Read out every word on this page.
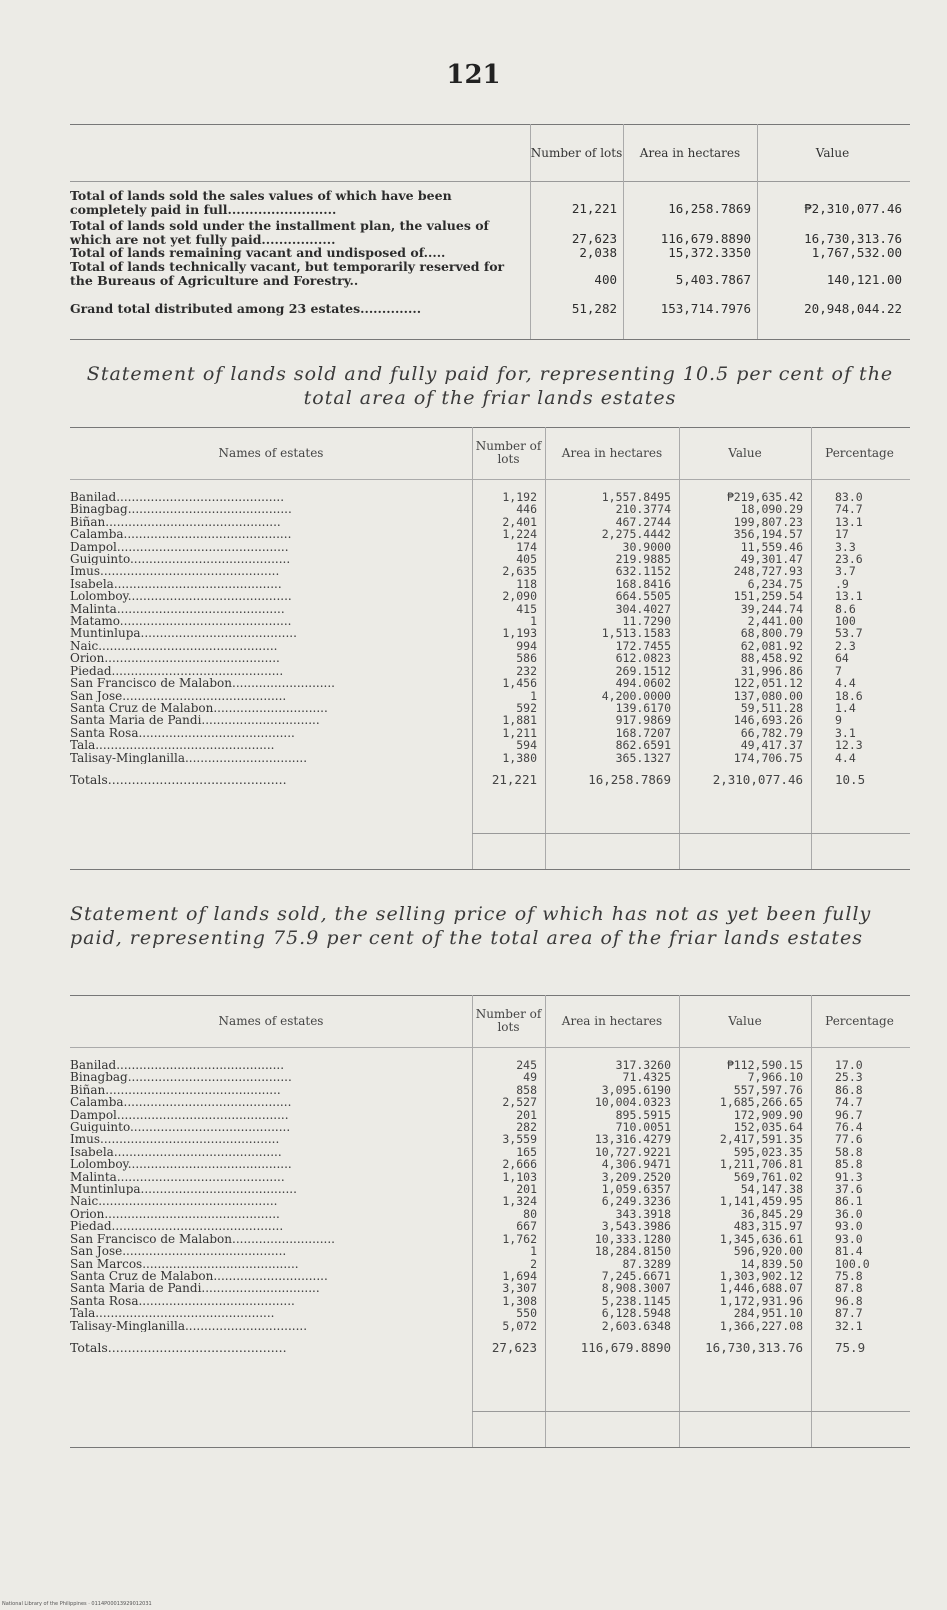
121
	Number of lots	Area in hectares	Value
Total of lands sold the sales values of which have been completely paid in full.........................	21,221	16,258.7869	₱2,310,077.46
Total of lands sold under the installment plan, the values of which are not yet fully paid.................	27,623	116,679.8890	16,730,313.76
Total of lands remaining vacant and undisposed of.....	2,038	15,372.3350	1,767,532.00
Total of lands technically vacant, but temporarily reserved for the Bureaus of Agriculture and Forestry..	400	5,403.7867	140,121.00
Grand total distributed among 23 estates..............	51,282	153,714.7976	20,948,044.22
Statement of lands sold and fully paid for, representing 10.5 per cent of the total area of the friar lands estates
Names of estates	Number of lots	Area in hectares	Value	Percentage
Banilad............................................	1,192	1,557.8495	₱219,635.42	83.0
Binagbag...........................................	446	210.3774	18,090.29	74.7
Biñan..............................................	2,401	467.2744	199,807.23	13.1
Calamba............................................	1,224	2,275.4442	356,194.57	17
Dampol.............................................	174	30.9000	11,559.46	3.3
Guiguinto..........................................	405	219.9885	49,301.47	23.6
Imus...............................................	2,635	632.1152	248,727.93	3.7
Isabela............................................	118	168.8416	6,234.75	.9
Lolomboy...........................................	2,090	664.5505	151,259.54	13.1
Malinta............................................	415	304.4027	39,244.74	8.6
Matamo.............................................	1	11.7290	2,441.00	100
Muntinlupa.........................................	1,193	1,513.1583	68,800.79	53.7
Naic...............................................	994	172.7455	62,081.92	2.3
Orion..............................................	586	612.0823	88,458.92	64
Piedad.............................................	232	269.1512	31,996.86	7
San Francisco de Malabon...........................	1,456	494.0602	122,051.12	4.4
San Jose...........................................	1	4,200.0000	137,080.00	18.6
Santa Cruz de Malabon..............................	592	139.6170	59,511.28	1.4
Santa Maria de Pandi...............................	1,881	917.9869	146,693.26	9
Santa Rosa.........................................	1,211	168.7207	66,782.79	3.1
Tala...............................................	594	862.6591	49,417.37	12.3
Talisay-Minglanilla................................	1,380	365.1327	174,706.75	4.4
Totals.............................................	21,221	16,258.7869	2,310,077.46	10.5
Statement of lands sold, the selling price of which has not as yet been fully paid, representing 75.9 per cent of the total area of the friar lands estates
Names of estates	Number of lots	Area in hectares	Value	Percentage
Banilad............................................	245	317.3260	₱112,590.15	17.0
Binagbag...........................................	49	71.4325	7,966.10	25.3
Biñan..............................................	858	3,095.6190	557,597.76	86.8
Calamba............................................	2,527	10,004.0323	1,685,266.65	74.7
Dampol.............................................	201	895.5915	172,909.90	96.7
Guiguinto..........................................	282	710.0051	152,035.64	76.4
Imus...............................................	3,559	13,316.4279	2,417,591.35	77.6
Isabela............................................	165	10,727.9221	595,023.35	58.8
Lolomboy...........................................	2,666	4,306.9471	1,211,706.81	85.8
Malinta............................................	1,103	3,209.2520	569,761.02	91.3
Muntinlupa.........................................	201	1,059.6357	54,147.38	37.6
Naic...............................................	1,324	6,249.3236	1,141,459.95	86.1
Orion..............................................	80	343.3918	36,845.29	36.0
Piedad.............................................	667	3,543.3986	483,315.97	93.0
San Francisco de Malabon...........................	1,762	10,333.1280	1,345,636.61	93.0
San Jose...........................................	1	18,284.8150	596,920.00	81.4
San Marcos.........................................	2	87.3289	14,839.50	100.0
Santa Cruz de Malabon..............................	1,694	7,245.6671	1,303,902.12	75.8
Santa Maria de Pandi...............................	3,307	8,908.3007	1,446,688.07	87.8
Santa Rosa.........................................	1,308	5,238.1145	1,172,931.96	96.8
Tala...............................................	550	6,128.5948	284,951.10	87.7
Talisay-Minglanilla................................	5,072	2,603.6348	1,366,227.08	32.1
Totals.............................................	27,623	116,679.8890	16,730,313.76	75.9
National Library of the Philippines · 0114P00013929012031
